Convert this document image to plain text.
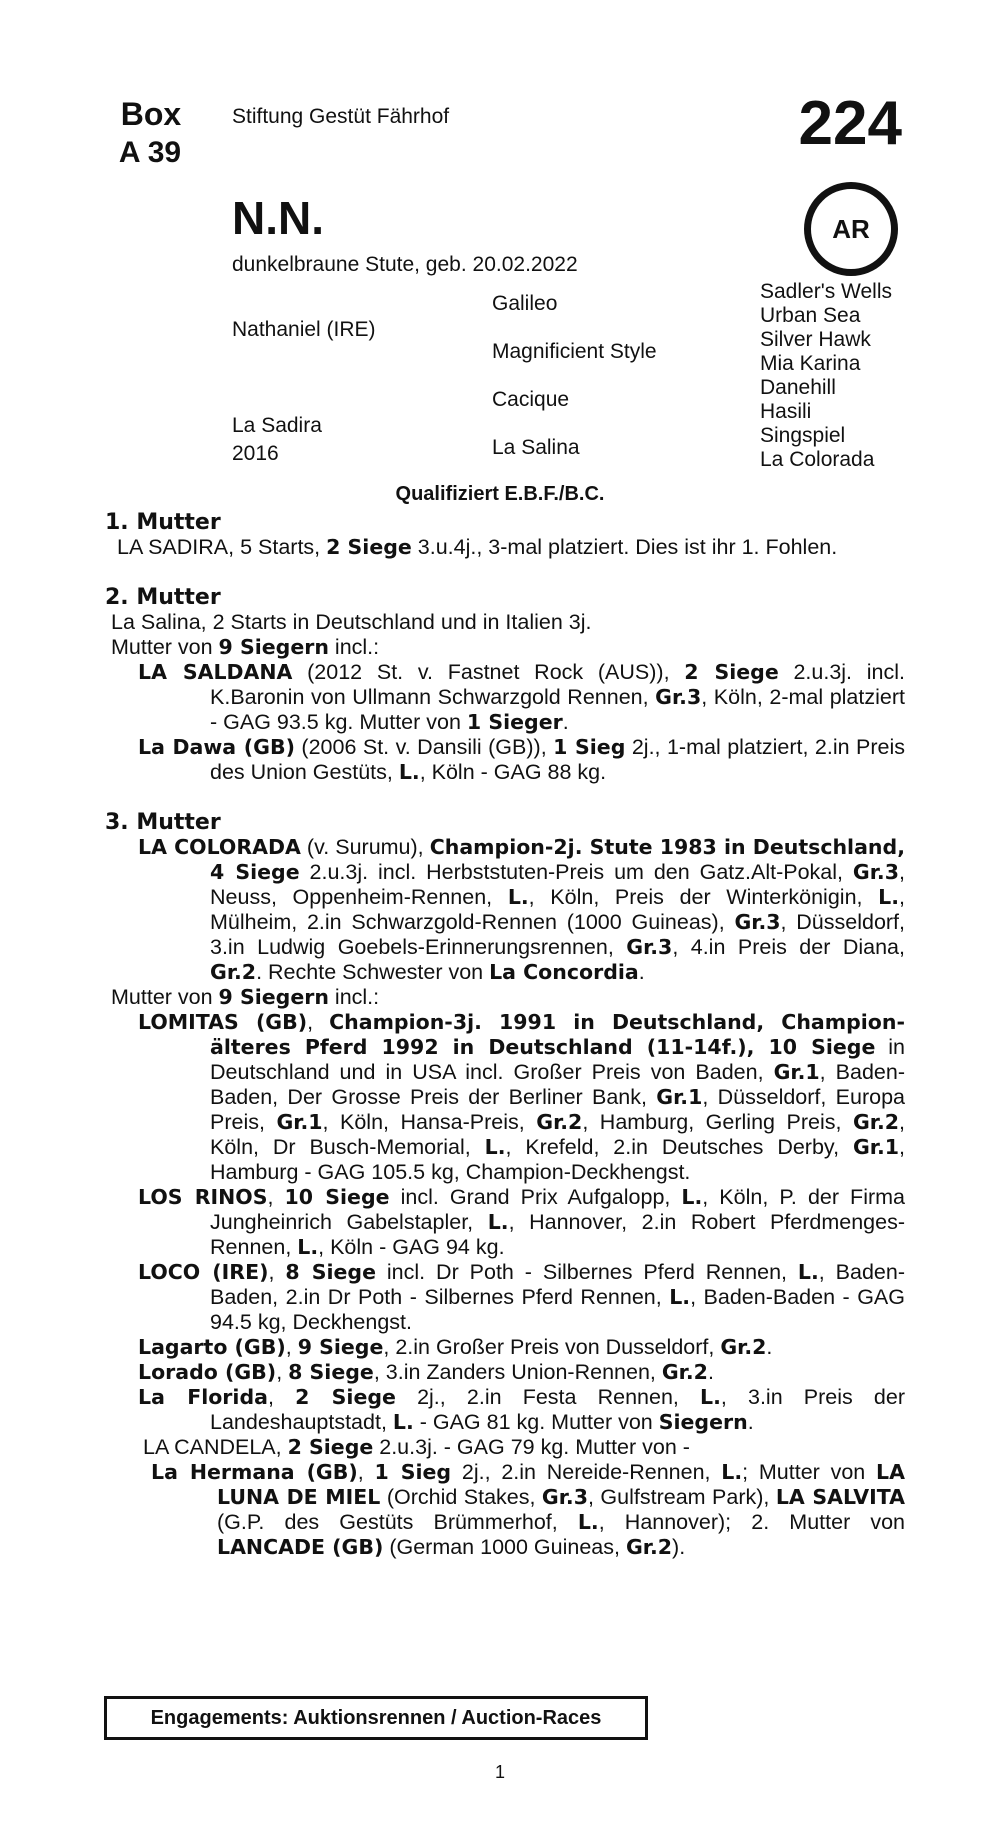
Box
A 39
Stiftung Gestüt Fährhof	224
AR
N.N.
dunkelbraune Stute, geb. 20.02.2022
Nathaniel (IRE)
La Sadira
2016
Galileo
Magnificient Style
Cacique
La Salina
Sadler's Wells
Urban Sea
Silver Hawk
Mia Karina
Danehill
Hasili
Singspiel
La Colorada
Qualifiziert E.B.F./B.C.
1. Mutter
LA SADIRA, 5 Starts, 2 Siege 3.u.4j., 3-mal platziert. Dies ist ihr 1. Fohlen.
2. Mutter
La Salina, 2 Starts in Deutschland und in Italien 3j.
Mutter von 9 Siegern incl.:
LA SALDANA (2012 St. v. Fastnet Rock (AUS)), 2 Siege 2.u.3j. incl. K.Baronin von Ullmann Schwarzgold Rennen, Gr.3, Köln, 2-mal platziert - GAG 93.5 kg. Mutter von 1 Sieger.
La Dawa (GB) (2006 St. v. Dansili (GB)), 1 Sieg 2j., 1-mal platziert, 2.in Preis des Union Gestüts, L., Köln - GAG 88 kg.
3. Mutter
LA COLORADA (v. Surumu), Champion-2j. Stute 1983 in Deutschland, 4 Siege 2.u.3j. incl. Herbststuten-Preis um den Gatz.Alt-Pokal, Gr.3, Neuss, Oppenheim-Rennen, L., Köln, Preis der Winterkönigin, L., Mülheim, 2.in Schwarzgold-Rennen (1000 Guineas), Gr.3, Düsseldorf, 3.in Ludwig Goebels-Erinnerungsrennen, Gr.3, 4.in Preis der Diana, Gr.2. Rechte Schwester von La Concordia.
Mutter von 9 Siegern incl.:
LOMITAS (GB), Champion-3j. 1991 in Deutschland, Champion-älteres Pferd 1992 in Deutschland (11-14f.), 10 Siege in Deutschland und in USA incl. Großer Preis von Baden, Gr.1, Baden-Baden, Der Grosse Preis der Berliner Bank, Gr.1, Düsseldorf, Europa Preis, Gr.1, Köln, Hansa-Preis, Gr.2, Hamburg, Gerling Preis, Gr.2, Köln, Dr Busch-Memorial, L., Krefeld, 2.in Deutsches Derby, Gr.1, Hamburg - GAG 105.5 kg, Champion-Deckhengst.
LOS RINOS, 10 Siege incl. Grand Prix Aufgalopp, L., Köln, P. der Firma Jungheinrich Gabelstapler, L., Hannover, 2.in Robert Pferdmenges-Rennen, L., Köln - GAG 94 kg.
LOCO (IRE), 8 Siege incl. Dr Poth - Silbernes Pferd Rennen, L., Baden-Baden, 2.in Dr Poth - Silbernes Pferd Rennen, L., Baden-Baden - GAG 94.5 kg, Deckhengst.
Lagarto (GB), 9 Siege, 2.in Großer Preis von Dusseldorf, Gr.2.
Lorado (GB), 8 Siege, 3.in Zanders Union-Rennen, Gr.2.
La Florida, 2 Siege 2j., 2.in Festa Rennen, L., 3.in Preis der Landeshauptstadt, L. - GAG 81 kg. Mutter von Siegern.
LA CANDELA, 2 Siege 2.u.3j. - GAG 79 kg. Mutter von -
La Hermana (GB), 1 Sieg 2j., 2.in Nereide-Rennen, L.; Mutter von LA LUNA DE MIEL (Orchid Stakes, Gr.3, Gulfstream Park), LA SALVITA (G.P. des Gestüts Brümmerhof, L., Hannover); 2. Mutter von LANCADE (GB) (German 1000 Guineas, Gr.2).
Engagements: Auktionsrennen / Auction-Races
1
